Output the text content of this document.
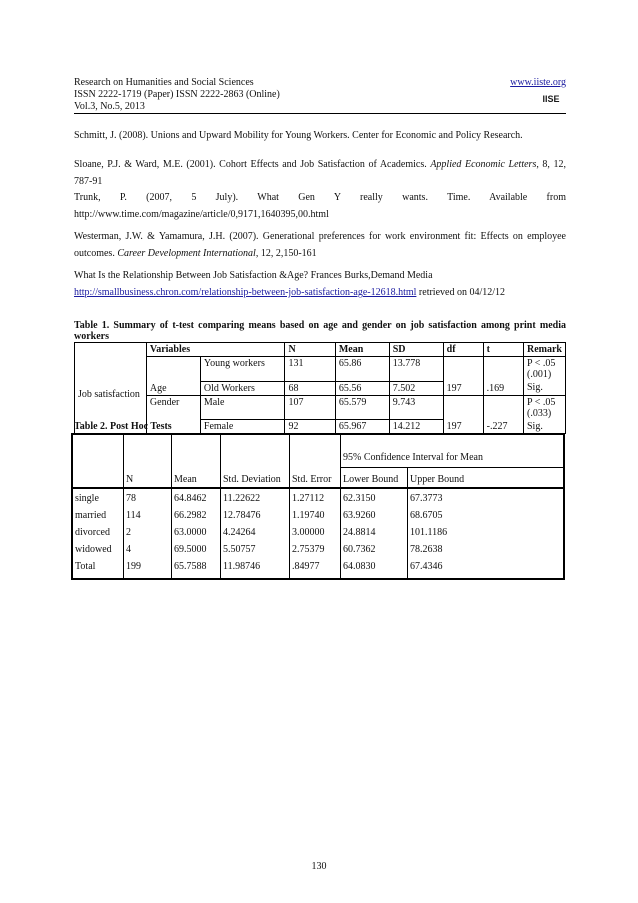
Research on Humanities and Social Sciences
ISSN 2222-1719 (Paper) ISSN 2222-2863 (Online)
Vol.3, No.5, 2013
www.iiste.org
IISE
Schmitt, J. (2008). Unions and Upward Mobility for Young Workers. Center for Economic and Policy Research.
Sloane, P.J. & Ward, M.E. (2001). Cohort Effects and Job Satisfaction of Academics. Applied Economic Letters, 8, 12, 787-91
Trunk, P. (2007, 5 July). What Gen Y really wants. Time. Available from http://www.time.com/magazine/article/0,9171,1640395,00.html
Westerman, J.W. & Yamamura, J.H. (2007). Generational preferences for work environment fit: Effects on employee outcomes. Career Development International, 12, 2,150-161
What Is the Relationship Between Job Satisfaction &Age? Frances Burks,Demand Media
http://smallbusiness.chron.com/relationship-between-job-satisfaction-age-12618.html retrieved on 04/12/12
Table 1. Summary of t-test comparing means based on age and gender on job satisfaction among print media workers
	Variables		N	Mean	SD	df	t	Remark
Job satisfaction	Age	Young workers	131	65.86	13.778	197	.169	P < .05 (.001)
		Old Workers	68	65.56	7.502			Sig.
	Gender	Male	107	65.579	9.743	197	-.227	P < .05 (.033)
		Female	92	65.967	14.212			Sig.
Table 2. Post Hoc Tests
					95% Confidence Interval for Mean	
	N	Mean	Std. Deviation	Std. Error	Lower Bound	Upper Bound
single	78	64.8462	11.22622	1.27112	62.3150	67.3773
married	114	66.2982	12.78476	1.19740	63.9260	68.6705
divorced	2	63.0000	4.24264	3.00000	24.8814	101.1186
widowed	4	69.5000	5.50757	2.75379	60.7362	78.2638
Total	199	65.7588	11.98746	.84977	64.0830	67.4346
130
